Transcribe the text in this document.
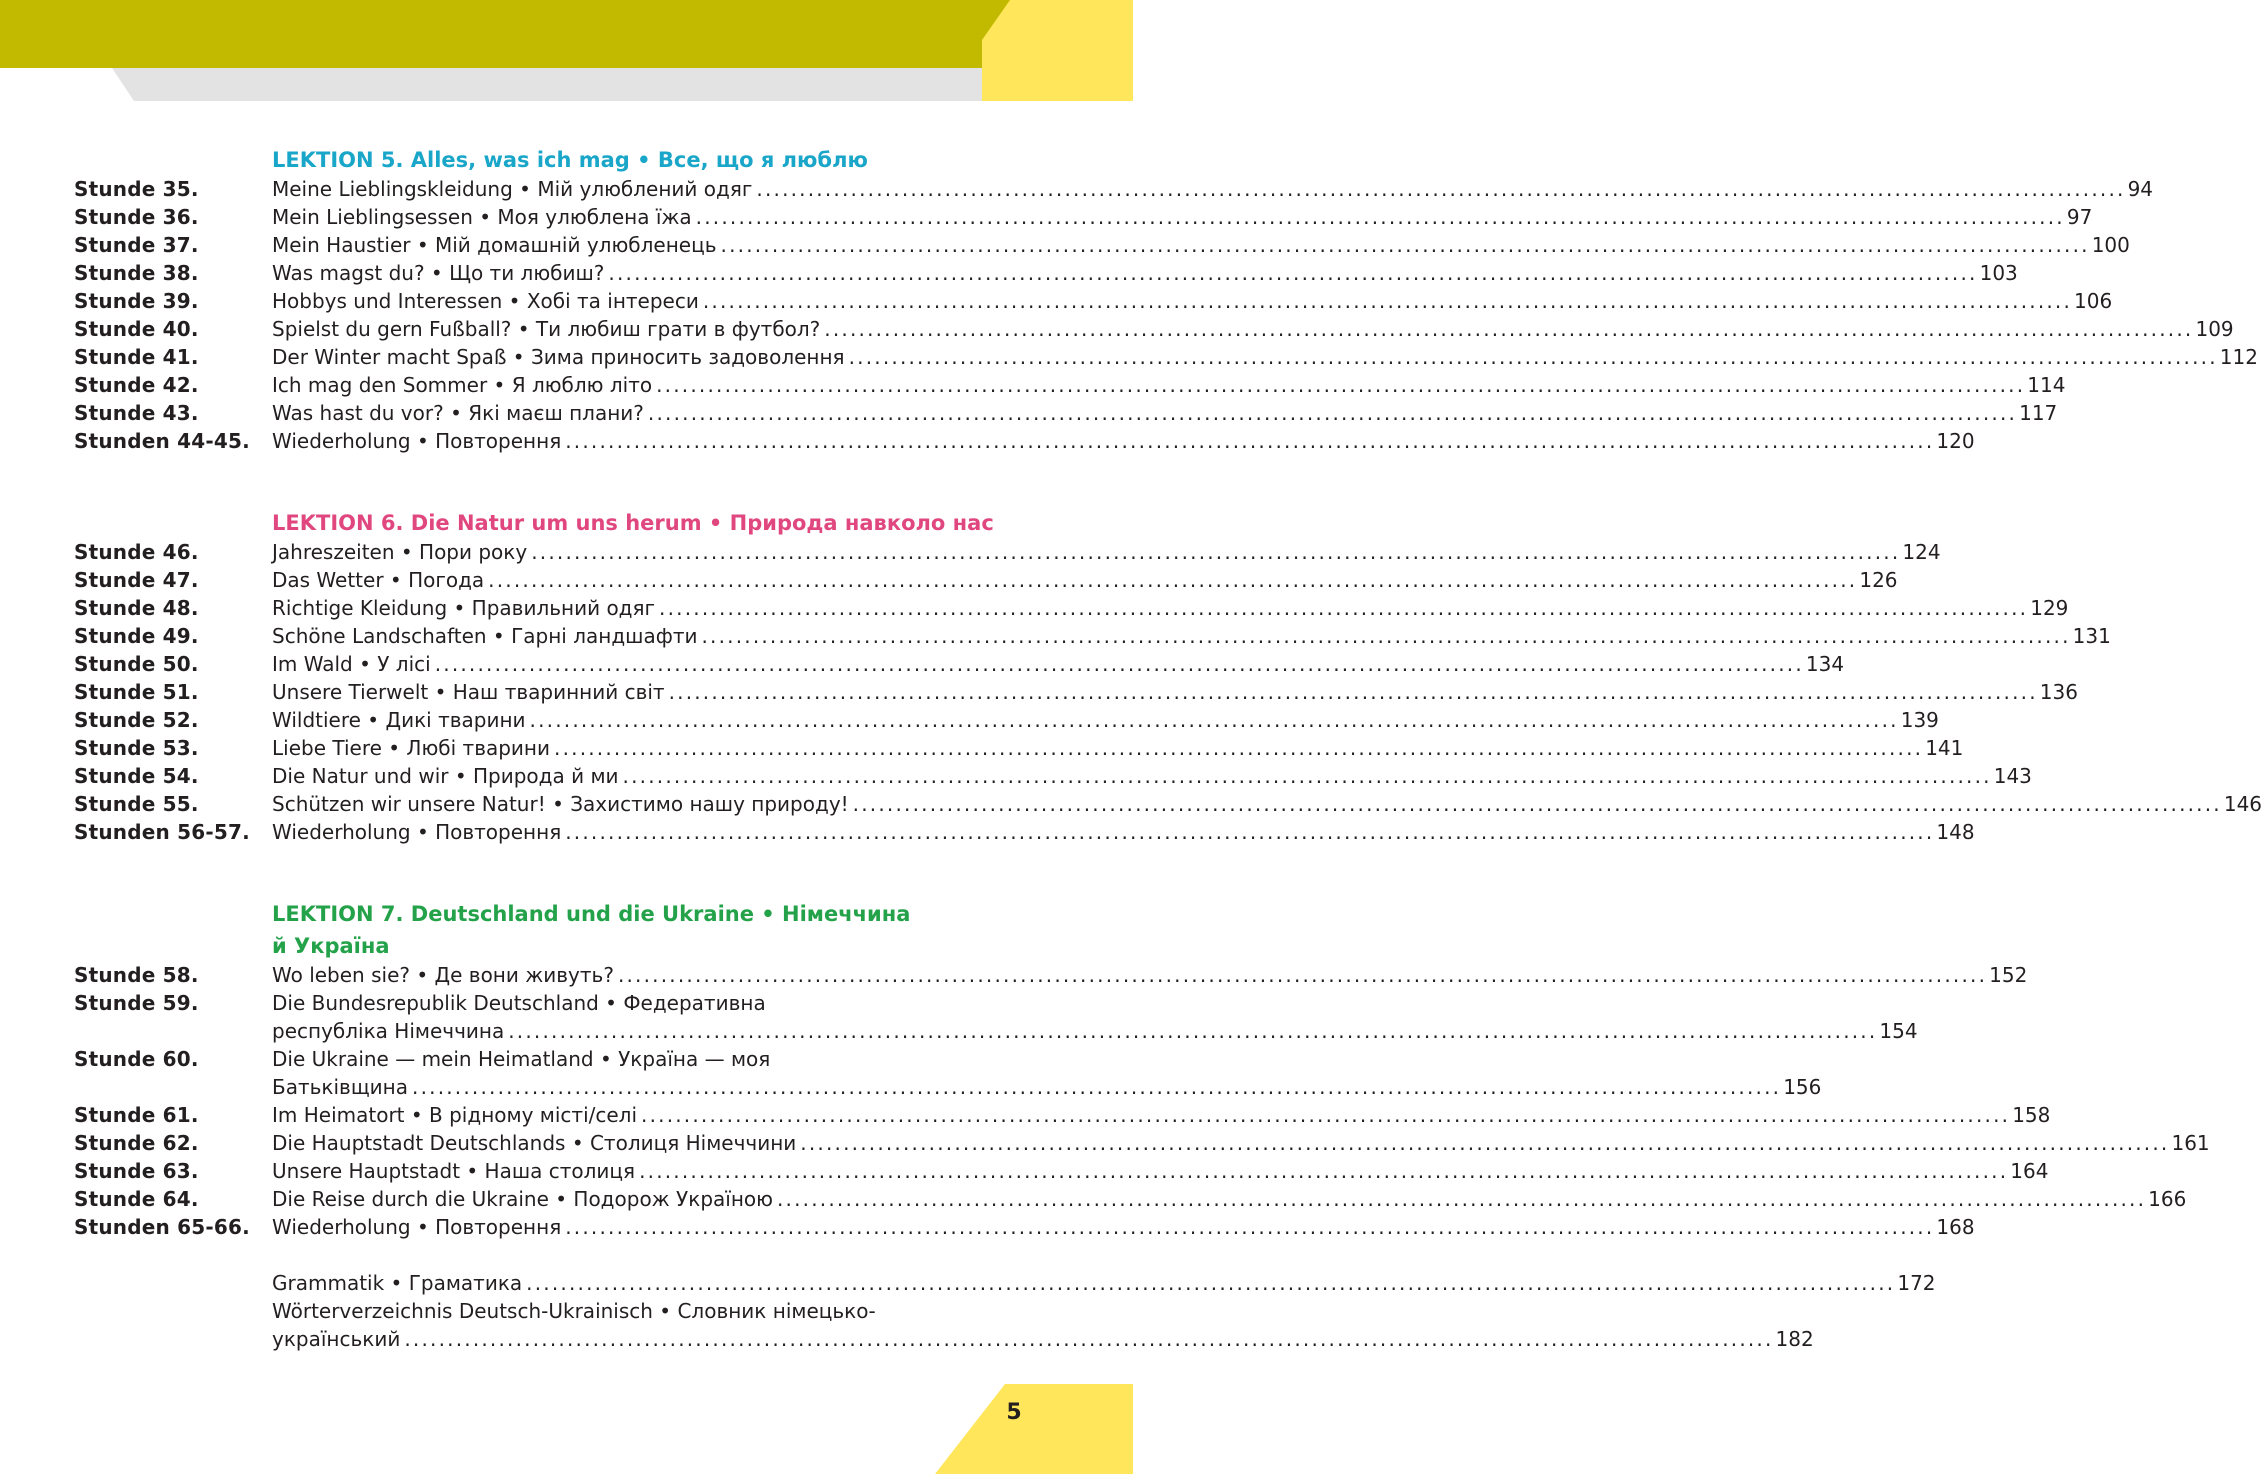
5
LEKTION 5. Alles, was ich mag • Все, що я люблю
Stunde 35.	Meine Lieblingskleidung • Мій улюблений одяг ................................................................................................................................................................ 94
Stunde 36.	Mein Lieblingsessen • Моя улюблена їжа ................................................................................................................................................................ 97
Stunde 37.	Mein Haustier • Мій домашній улюбленець ................................................................................................................................................................ 100
Stunde 38.	Was magst du? • Що ти любиш? ................................................................................................................................................................ 103
Stunde 39.	Hobbys und Interessen • Хобі та інтереси ................................................................................................................................................................ 106
Stunde 40.	Spielst du gern Fußball? • Ти любиш грати в футбол? ................................................................................................................................................................ 109
Stunde 41.	Der Winter macht Spaß • Зима приносить задоволення ................................................................................................................................................................ 112
Stunde 42.	Ich mag den Sommer • Я люблю літо ................................................................................................................................................................ 114
Stunde 43.	Was hast du vor? • Які маєш плани? ................................................................................................................................................................ 117
Stunden 44-45.	Wiederholung • Повторення ................................................................................................................................................................ 120
LEKTION 6. Die Natur um uns herum • Природа навколо нас
Stunde 46.	Jahreszeiten • Пори року ................................................................................................................................................................ 124
Stunde 47.	Das Wetter • Погода ................................................................................................................................................................ 126
Stunde 48.	Richtige Kleidung • Правильний одяг ................................................................................................................................................................ 129
Stunde 49.	Schöne Landschaften • Гарні ландшафти ................................................................................................................................................................ 131
Stunde 50.	Im Wald • У лісі ................................................................................................................................................................ 134
Stunde 51.	Unsere Tierwelt • Наш тваринний світ ................................................................................................................................................................ 136
Stunde 52.	Wildtiere • Дикі тварини ................................................................................................................................................................ 139
Stunde 53.	Liebe Tiere • Любі тварини ................................................................................................................................................................ 141
Stunde 54.	Die Natur und wir • Природа й ми ................................................................................................................................................................ 143
Stunde 55.	Schützen wir unsere Natur! • Захистимо нашу природу! ................................................................................................................................................................ 146
Stunden 56-57.	Wiederholung • Повторення ................................................................................................................................................................ 148
LEKTION 7. Deutschland und die Ukraine • Німеччина
й Україна
Stunde 58.	Wo leben sie? • Де вони живуть? ................................................................................................................................................................ 152
Stunde 59.	Die Bundesrepublik Deutschland • Федеративна
республіка Німеччина ................................................................................................................................................................ 154
Stunde 60.	Die Ukraine — mein Heimatland • Україна — моя
Батьківщина ................................................................................................................................................................ 156
Stunde 61.	Im Heimatort • В рідному місті/селі ................................................................................................................................................................ 158
Stunde 62.	Die Hauptstadt Deutschlands • Столиця Німеччини ................................................................................................................................................................ 161
Stunde 63.	Unsere Hauptstadt • Наша столиця ................................................................................................................................................................ 164
Stunde 64.	Die Reise durch die Ukraine • Подорож Україною ................................................................................................................................................................ 166
Stunden 65-66.	Wiederholung • Повторення ................................................................................................................................................................ 168
Grammatik • Граматика ................................................................................................................................................................ 172
Wörterverzeichnis Deutsch-Ukrainisch • Словник німецько-
український ................................................................................................................................................................ 182
